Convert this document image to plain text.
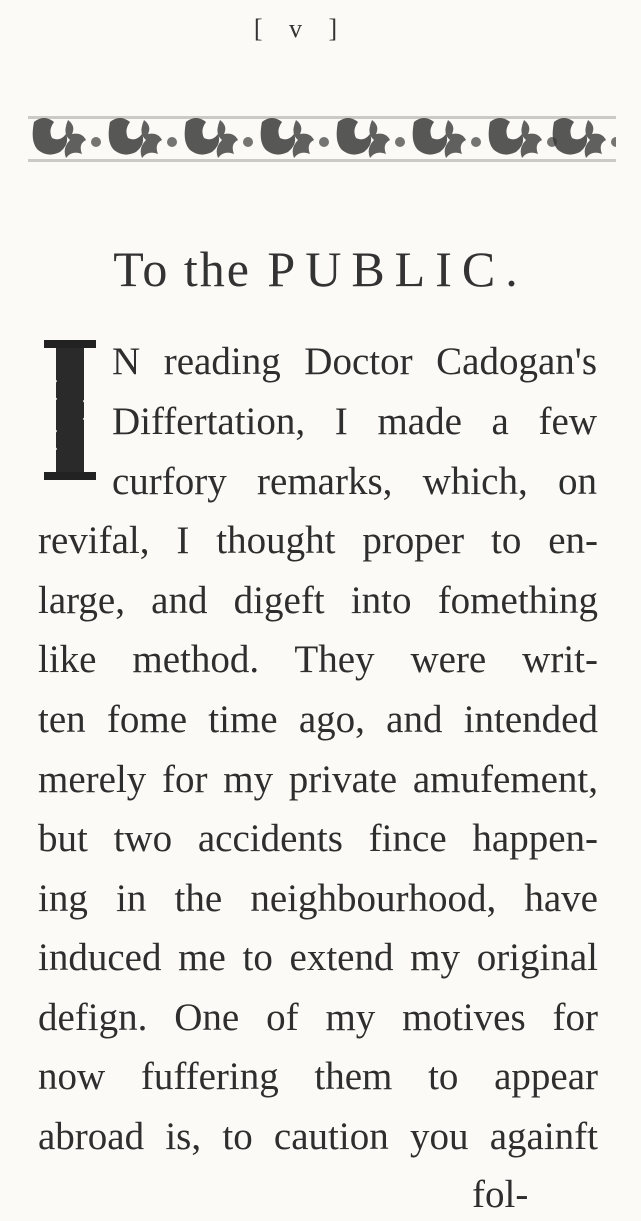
[ v ]
To the PUBLIC.
N reading Doctor Cadogan's
Differtation, I made a few
curfory remarks, which, on
revifal, I thought proper to en-
large, and digeft into fomething
like method. They were writ-
ten fome time ago, and intended
merely for my private amufement,
but two accidents fince happen-
ing in the neighbourhood, have
induced me to extend my original
defign. One of my motives for
now fuffering them to appear
abroad is, to caution you againft
fol-
